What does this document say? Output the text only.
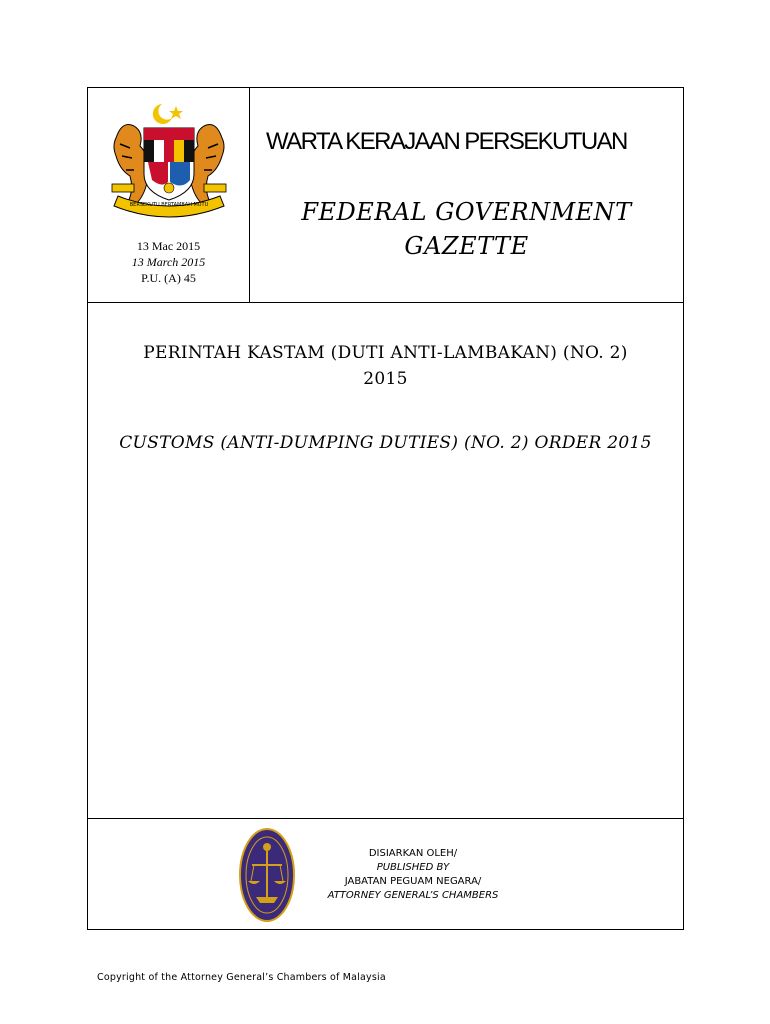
BERSEKUTU BERTAMBAH MUTU
13 Mac 2015
13 March 2015
P.U. (A) 45
WARTA KERAJAAN PERSEKUTUAN
FEDERAL GOVERNMENT
GAZETTE
PERINTAH KASTAM (DUTI ANTI-LAMBAKAN) (NO. 2)
2015
CUSTOMS (ANTI-DUMPING DUTIES) (NO. 2) ORDER 2015
DISIARKAN OLEH/
PUBLISHED BY
JABATAN PEGUAM NEGARA/
ATTORNEY GENERAL’S CHAMBERS
Copyright of the Attorney General’s Chambers of Malaysia
